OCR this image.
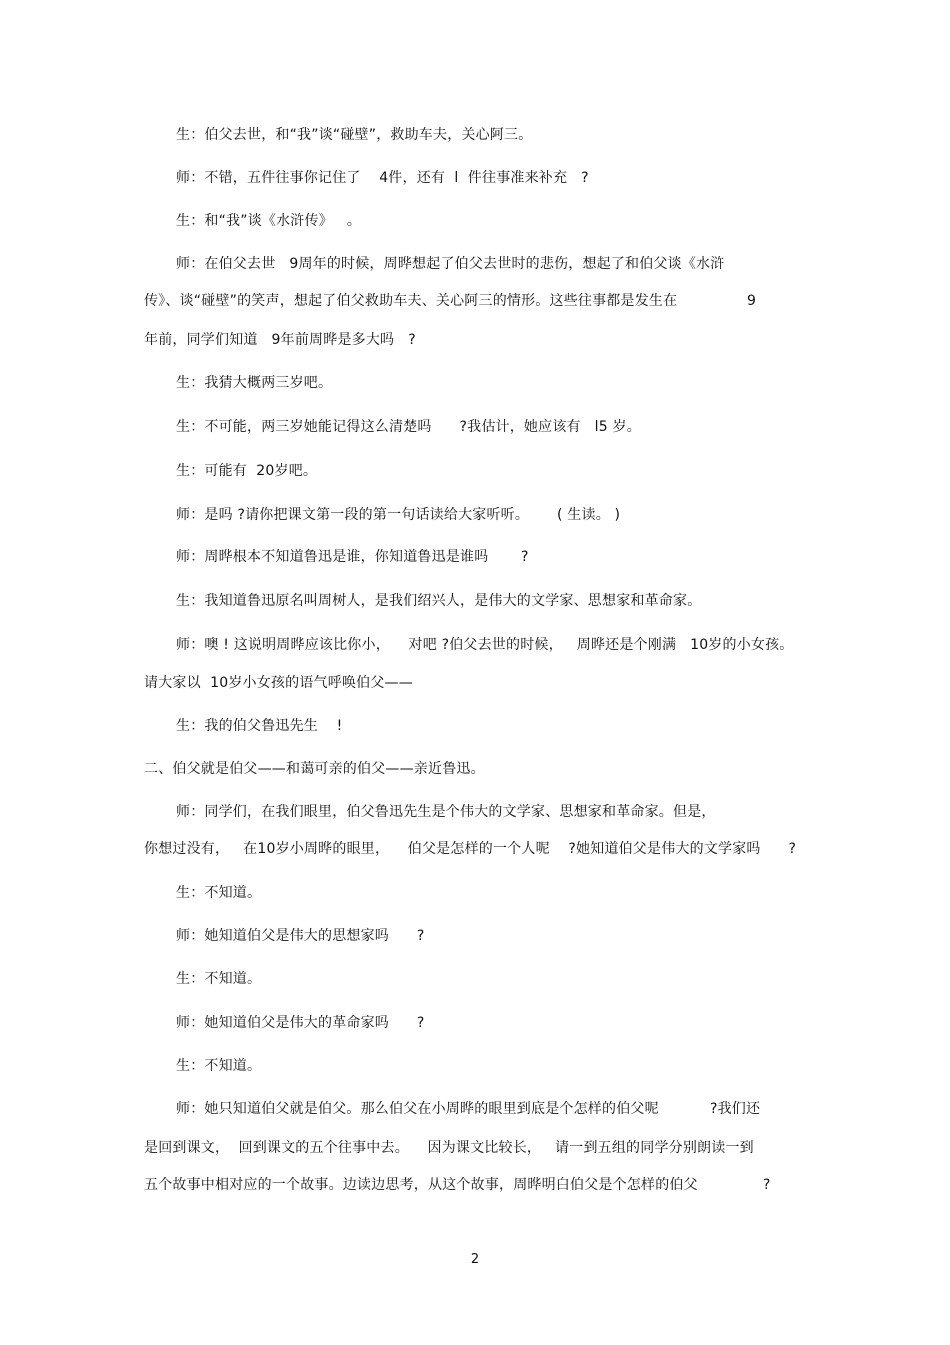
生：伯父去世，和“我”谈“碰壁”，救助车夫，关心阿三。
师：不错，五件往事你记住了    4件，还有  l  件往事准来补充   ?
生：和“我”谈《水浒传》   。
师：在伯父去世   9周年的时候，周晔想起了伯父去世时的悲伤，想起了和伯父谈《水浒
传》、谈“碰壁”的笑声，想起了伯父救助车夫、关心阿三的情形。这些往事都是发生在               9
年前，同学们知道   9年前周晔是多大吗   ?
生：我猜大概两三岁吧。
生：不可能，两三岁她能记得这么清楚吗      ?我估计，她应该有   l5 岁。
生：可能有  20岁吧。
师：是吗 ?请你把课文第一段的第一句话读给大家听听。      ( 生读。 )
师：周晔根本不知道鲁迅是谁，你知道鲁迅是谁吗       ?
生：我知道鲁迅原名叫周树人，是我们绍兴人，是伟大的文学家、思想家和革命家。
师：噢 ! 这说明周晔应该比你小，    对吧 ?伯父去世的时候，   周晔还是个刚满   10岁的小女孩。
请大家以  10岁小女孩的语气呼唤伯父——
生：我的伯父鲁迅先生    !
二、伯父就是伯父——和蔼可亲的伯父——亲近鲁迅。
师：同学们，在我们眼里，伯父鲁迅先生是个伟大的文学家、思想家和革命家。但是，
你想过没有，   在10岁小周晔的眼里，    伯父是怎样的一个人呢    ?她知道伯父是伟大的文学家吗      ?
生：不知道。
师：她知道伯父是伟大的思想家吗      ?
生：不知道。
师：她知道伯父是伟大的革命家吗      ?
生：不知道。
师：她只知道伯父就是伯父。那么伯父在小周晔的眼里到底是个怎样的伯父呢           ?我们还
是回到课文，  回到课文的五个往事中去。    因为课文比较长，   请一到五组的同学分别朗读一到
五个故事中相对应的一个故事。边读边思考，从这个故事，周晔明白伯父是个怎样的伯父              ?
2
